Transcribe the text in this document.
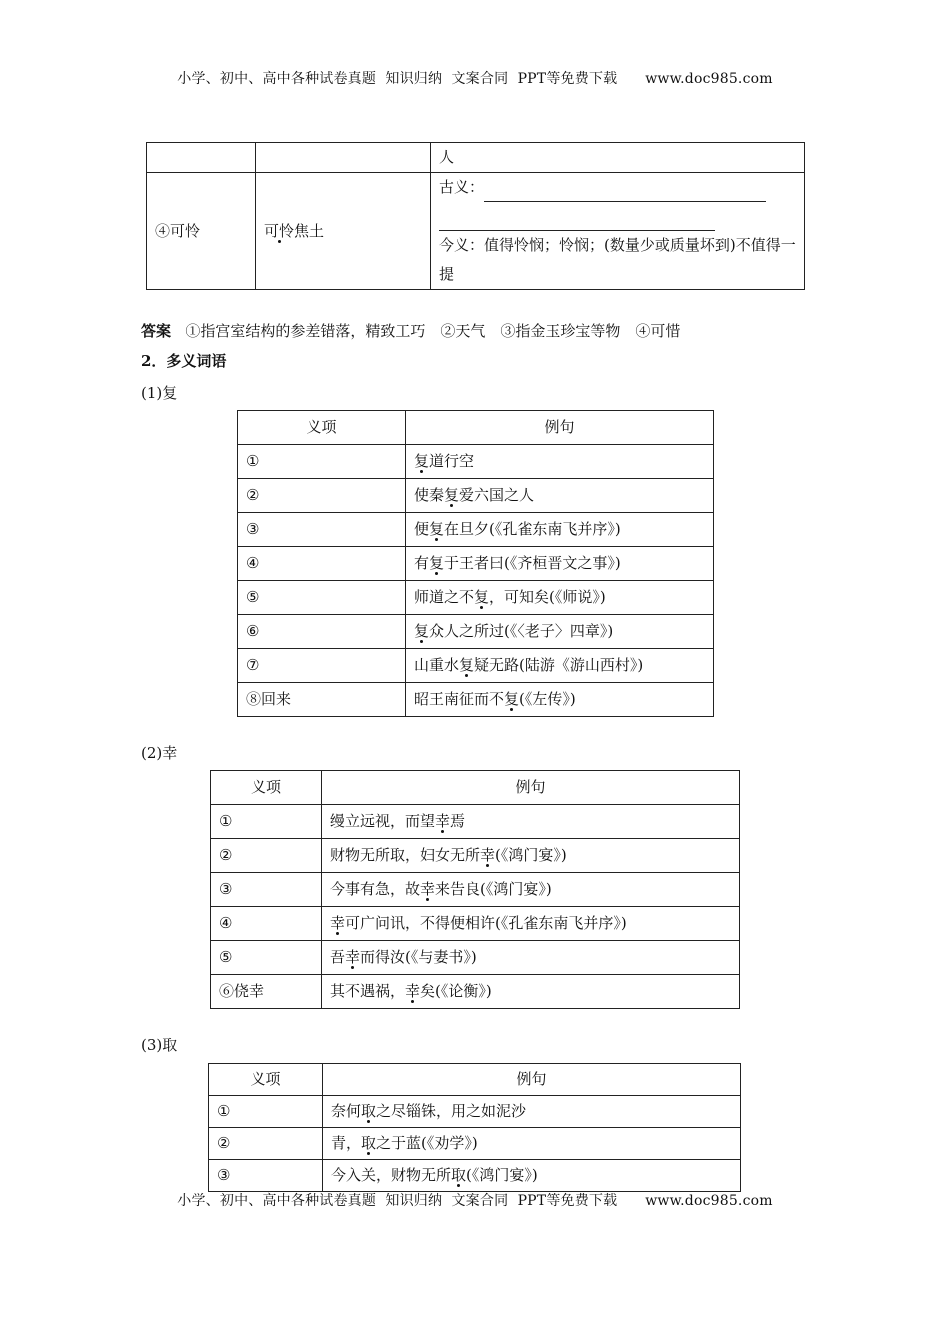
小学、初中、高中各种试卷真题  知识归纳  文案合同  PPT等免费下载      www.doc985.com
		人
④可怜	可怜焦土	古义：
今义：值得怜悯；怜悯；(数量少或质量坏到)不值得一提
答案 ①指宫室结构的参差错落，精致工巧　②天气　③指金玉珍宝等物　④可惜
2．多义词语
(1)复
义项	例句
①	复道行空
②	使秦复爱六国之人
③	便复在旦夕(《孔雀东南飞并序》)
④	有复于王者曰(《齐桓晋文之事》)
⑤	师道之不复，可知矣(《师说》)
⑥	复众人之所过(《〈老子〉四章》)
⑦	山重水复疑无路(陆游《游山西村》)
⑧回来	昭王南征而不复(《左传》)
(2)幸
义项	例句
①	缦立远视，而望幸焉
②	财物无所取，妇女无所幸(《鸿门宴》)
③	今事有急，故幸来告良(《鸿门宴》)
④	幸可广问讯，不得便相许(《孔雀东南飞并序》)
⑤	吾幸而得汝(《与妻书》)
⑥侥幸	其不遇祸，幸矣(《论衡》)
(3)取
义项	例句
①	奈何取之尽锱铢，用之如泥沙
②	青，取之于蓝(《劝学》)
③	今入关，财物无所取(《鸿门宴》)
小学、初中、高中各种试卷真题  知识归纳  文案合同  PPT等免费下载      www.doc985.com
